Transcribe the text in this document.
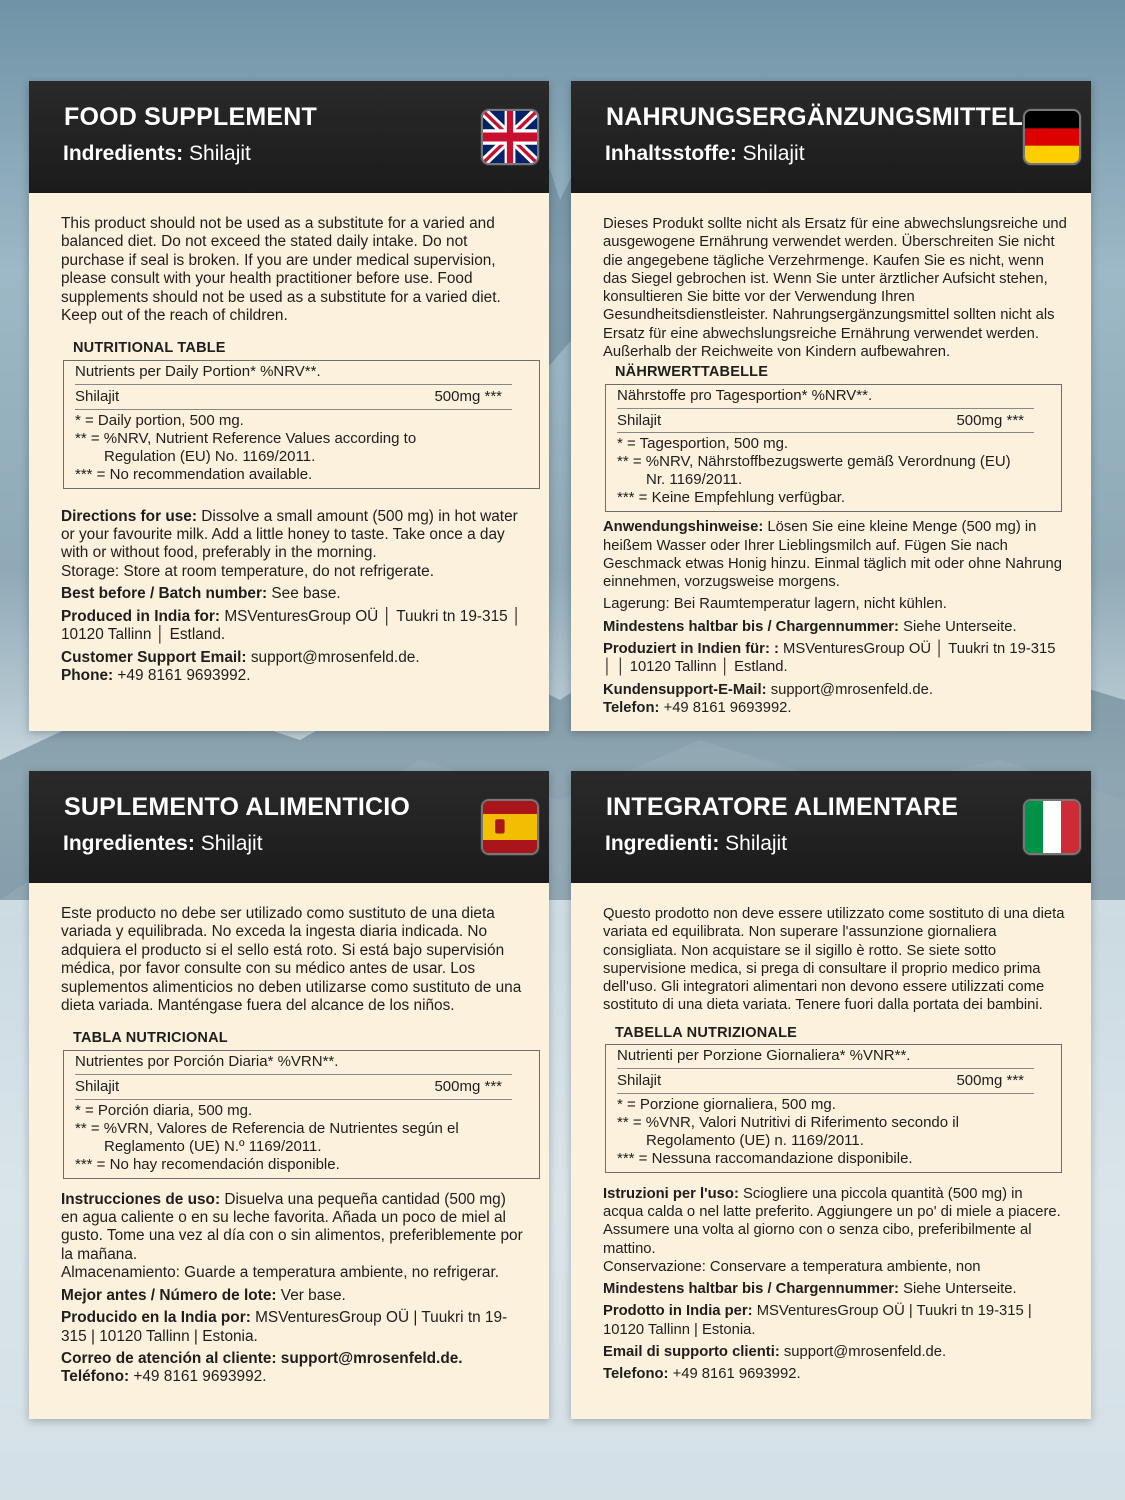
FOOD SUPPLEMENT
Indredients: Shilajit

This product should not be used as a substitute for a varied and balanced diet. Do not exceed the stated daily intake. Do not purchase if seal is broken. If you are under medical supervision, please consult with your health practitioner before use. Food supplements should not be used as a substitute for a varied diet. Keep out of the reach of children.

NUTRITIONAL TABLE
Nutrients per Daily Portion* %NRV**.
Shilajit	500mg ***
* = Daily portion, 500 mg.
** = %NRV, Nutrient Reference Values according to
Regulation (EU) No. 1169/2011.
*** = No recommendation available.

Directions for use: Dissolve a small amount (500 mg) in hot water or your favourite milk. Add a little honey to taste. Take once a day with or without food, preferably in the morning.

Storage: Store at room temperature, do not refrigerate.

Best before / Batch number: See base.

Produced in India for: MSVenturesGroup OÜ │ Tuukri tn 19-315 │ 10120 Tallinn │ Estland.

Customer Support Email: support@mrosenfeld.de.

Phone: +49 8161 9693992.

NAHRUNGSERGÄNZUNGSMITTEL
Inhaltsstoffe: Shilajit

Dieses Produkt sollte nicht als Ersatz für eine abwechslungsreiche und ausgewogene Ernährung verwendet werden. Überschreiten Sie nicht die angegebene tägliche Verzehrmenge. Kaufen Sie es nicht, wenn das Siegel gebrochen ist. Wenn Sie unter ärztlicher Aufsicht stehen, konsultieren Sie bitte vor der Verwendung Ihren Gesundheitsdienstleister. Nahrungsergänzungsmittel sollten nicht als Ersatz für eine abwechslungsreiche Ernährung verwendet werden. Außerhalb der Reichweite von Kindern aufbewahren.

NÄHRWERTTABELLE
Nährstoffe pro Tagesportion* %NRV**.
Shilajit	500mg ***
* = Tagesportion, 500 mg.
** = %NRV, Nährstoffbezugswerte gemäß Verordnung (EU)
Nr. 1169/2011.
*** = Keine Empfehlung verfügbar.

Anwendungshinweise: Lösen Sie eine kleine Menge (500 mg) in heißem Wasser oder Ihrer Lieblingsmilch auf. Fügen Sie nach Geschmack etwas Honig hinzu. Einmal täglich mit oder ohne Nahrung einnehmen, vorzugsweise morgens.

Lagerung: Bei Raumtemperatur lagern, nicht kühlen.

Mindestens haltbar bis / Chargennummer: Siehe Unterseite.

Produziert in Indien für: : MSVenturesGroup OÜ │ Tuukri tn 19-315 │ │ 10120 Tallinn │ Estland.

Kundensupport-E-Mail: support@mrosenfeld.de.

Telefon: +49 8161 9693992.

SUPLEMENTO ALIMENTICIO
Ingredientes: Shilajit

Este producto no debe ser utilizado como sustituto de una dieta variada y equilibrada. No exceda la ingesta diaria indicada. No adquiera el producto si el sello está roto. Si está bajo supervisión médica, por favor consulte con su médico antes de usar. Los suplementos alimenticios no deben utilizarse como sustituto de una dieta variada. Manténgase fuera del alcance de los niños.

TABLA NUTRICIONAL
Nutrientes por Porción Diaria* %VRN**.
Shilajit	500mg ***
* = Porción diaria, 500 mg.
** = %VRN, Valores de Referencia de Nutrientes según el
Reglamento (UE) N.º 1169/2011.
*** = No hay recomendación disponible.

Instrucciones de uso: Disuelva una pequeña cantidad (500 mg) en agua caliente o en su leche favorita. Añada un poco de miel al gusto. Tome una vez al día con o sin alimentos, preferiblemente por la mañana.

Almacenamiento: Guarde a temperatura ambiente, no refrigerar.

Mejor antes / Número de lote: Ver base.

Producido en la India por: MSVenturesGroup OÜ | Tuukri tn 19-315 | 10120 Tallinn | Estonia.

Correo de atención al cliente: support@mrosenfeld.de.

Teléfono: +49 8161 9693992.

INTEGRATORE ALIMENTARE
Ingredienti: Shilajit

Questo prodotto non deve essere utilizzato come sostituto di una dieta variata ed equilibrata. Non superare l'assunzione giornaliera consigliata. Non acquistare se il sigillo è rotto. Se siete sotto supervisione medica, si prega di consultare il proprio medico prima dell'uso. Gli integratori alimentari non devono essere utilizzati come sostituto di una dieta variata. Tenere fuori dalla portata dei bambini.

TABELLA NUTRIZIONALE
Nutrienti per Porzione Giornaliera* %VNR**.
Shilajit	500mg ***
* = Porzione giornaliera, 500 mg.
** = %VNR, Valori Nutritivi di Riferimento secondo il
Regolamento (UE) n. 1169/2011.
*** = Nessuna raccomandazione disponibile.

Istruzioni per l'uso: Sciogliere una piccola quantità (500 mg) in acqua calda o nel latte preferito. Aggiungere un po' di miele a piacere. Assumere una volta al giorno con o senza cibo, preferibilmente al mattino.

Conservazione: Conservare a temperatura ambiente, non

Mindestens haltbar bis / Chargennummer: Siehe Unterseite.

Prodotto in India per: MSVenturesGroup OÜ | Tuukri tn 19-315 | 10120 Tallinn | Estonia.

Email di supporto clienti: support@mrosenfeld.de.

Telefono: +49 8161 9693992.
